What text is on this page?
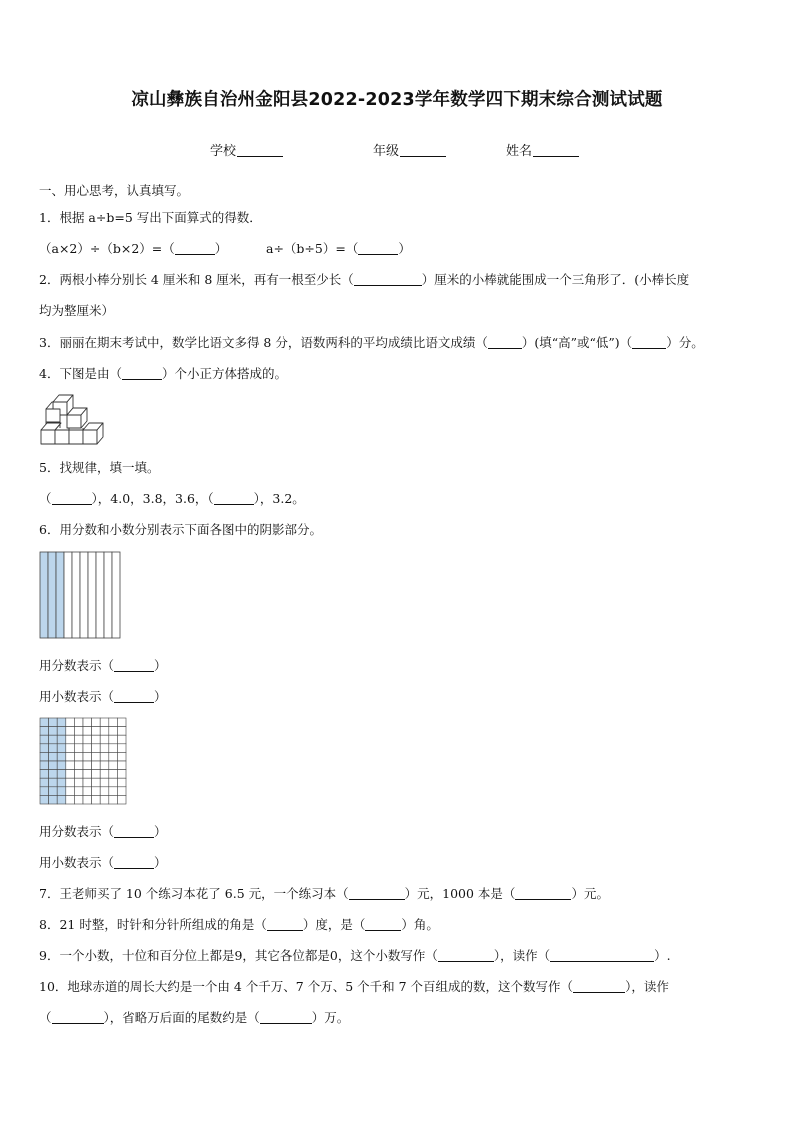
凉山彝族自治州金阳县2022-2023学年数学四下期末综合测试试题
学校	年级	姓名
一、用心思考，认真填写。
1．根据 a÷b=5 写出下面算式的得数．
（a×2）÷（b×2）=（	）	a÷（b÷5）=（	）
2．两根小棒分别长 4 厘米和 8 厘米，再有一根至少长（	）厘米的小棒就能围成一个三角形了．(小棒长度
均为整厘米）
3．丽丽在期末考试中，数学比语文多得 8 分，语数两科的平均成绩比语文成绩（	）(填“高”或“低”)（	）分。
4．下图是由（	）个小正方体搭成的。
5．找规律，填一填。
（	），4.0，3.8，3.6，（	），3.2。
6．用分数和小数分别表示下面各图中的阴影部分。
用分数表示（	）
用小数表示（	）
用分数表示（	）
用小数表示（	）
7．王老师买了 10 个练习本花了 6.5 元，一个练习本（	）元，1000 本是（	）元。
8．21 时整，时针和分针所组成的角是（	）度，是（	）角。
9．一个小数，十位和百分位上都是9，其它各位都是0，这个小数写作（	），读作（	）.
10．地球赤道的周长大约是一个由 4 个千万、7 个万、5 个千和 7 个百组成的数，这个数写作（	），读作
（	），省略万后面的尾数约是（	）万。
